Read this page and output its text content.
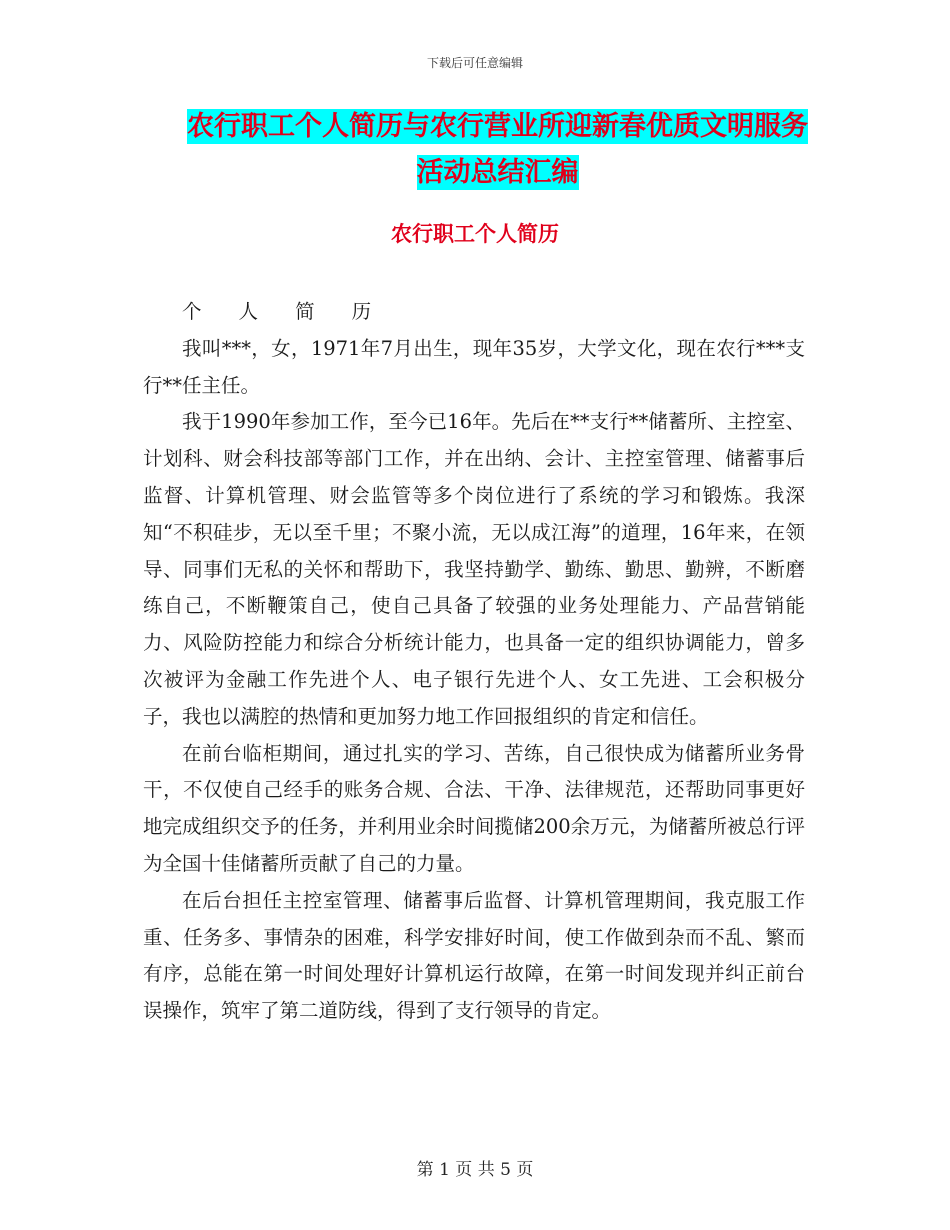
下载后可任意编辑
农行职工个人简历与农行营业所迎新春优质文明服务
活动总结汇编
农行职工个人简历

个人简历

我叫***，女，1971年7月出生，现年35岁，大学文化，现在农行***支行**任主任。

我于1990年参加工作，至今已16年。先后在**支行**储蓄所、主控室、计划科、财会科技部等部门工作，并在出纳、会计、主控室管理、储蓄事后监督、计算机管理、财会监管等多个岗位进行了系统的学习和锻炼。我深知“不积硅步，无以至千里；不聚小流，无以成江海”的道理，16年来，在领导、同事们无私的关怀和帮助下，我坚持勤学、勤练、勤思、勤辨，不断磨练自己，不断鞭策自己，使自己具备了较强的业务处理能力、产品营销能力、风险防控能力和综合分析统计能力，也具备一定的组织协调能力，曾多次被评为金融工作先进个人、电子银行先进个人、女工先进、工会积极分子，我也以满腔的热情和更加努力地工作回报组织的肯定和信任。

在前台临柜期间，通过扎实的学习、苦练，自己很快成为储蓄所业务骨干，不仅使自己经手的账务合规、合法、干净、法律规范，还帮助同事更好地完成组织交予的任务，并利用业余时间揽储200余万元，为储蓄所被总行评为全国十佳储蓄所贡献了自己的力量。

在后台担任主控室管理、储蓄事后监督、计算机管理期间，我克服工作重、任务多、事情杂的困难，科学安排好时间，使工作做到杂而不乱、繁而有序，总能在第一时间处理好计算机运行故障，在第一时间发现并纠正前台误操作，筑牢了第二道防线，得到了支行领导的肯定。

第 1 页 共 5 页
